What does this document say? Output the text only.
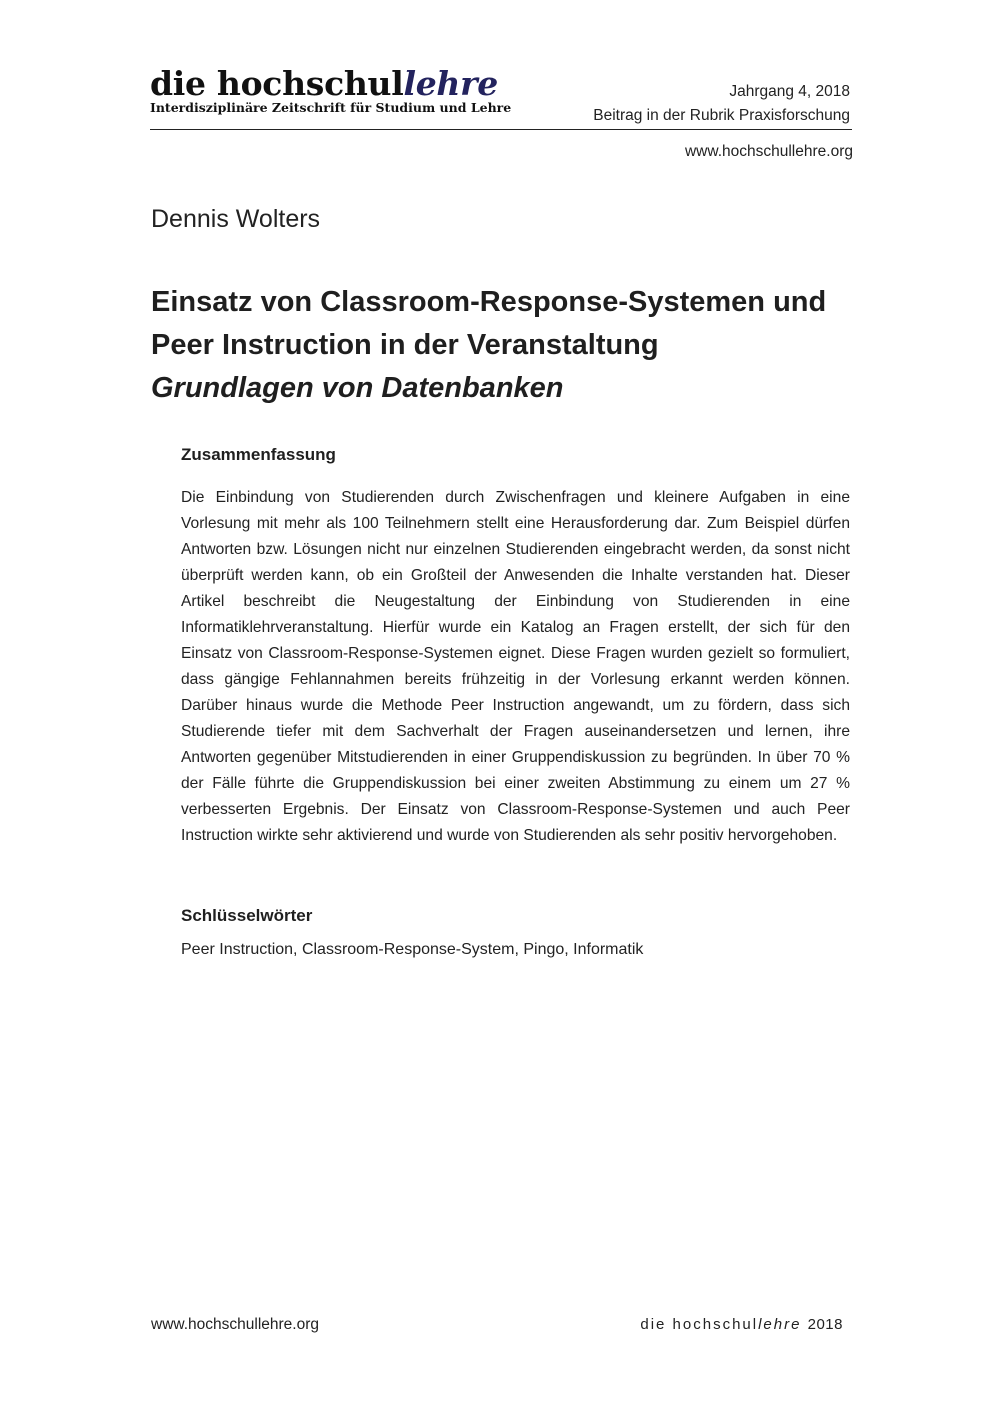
die hochschullehre
Interdisziplinäre Zeitschrift für Studium und Lehre
Jahrgang 4, 2018
Beitrag in der Rubrik Praxisforschung
www.hochschullehre.org
Dennis Wolters
Einsatz von Classroom-Response-Systemen und
Peer Instruction in der Veranstaltung
Grundlagen von Datenbanken
Zusammenfassung
Die Einbindung von Studierenden durch Zwischenfragen und kleinere Aufgaben in eine Vorlesung mit mehr als 100 Teilnehmern stellt eine Herausforderung dar. Zum Beispiel dürfen Antworten bzw. Lösungen nicht nur einzelnen Studierenden eingebracht werden, da sonst nicht überprüft werden kann, ob ein Großteil der Anwesenden die Inhalte verstanden hat. Dieser Artikel beschreibt die Neugestaltung der Einbindung von Studierenden in eine Informatiklehrveranstaltung. Hierfür wurde ein Katalog an Fragen erstellt, der sich für den Einsatz von Classroom-Response-Systemen eignet. Diese Fragen wurden gezielt so formuliert, dass gängige Fehlannahmen bereits frühzeitig in der Vorlesung erkannt werden können. Darüber hinaus wurde die Methode Peer Instruction angewandt, um zu fördern, dass sich Studierende tiefer mit dem Sachverhalt der Fragen auseinandersetzen und lernen, ihre Antworten gegenüber Mitstudierenden in einer Gruppendiskussion zu begründen. In über 70 % der Fälle führte die Gruppendiskussion bei einer zweiten Abstimmung zu einem um 27 % verbesserten Ergebnis. Der Einsatz von Classroom-Response-Systemen und auch Peer Instruction wirkte sehr aktivierend und wurde von Studierenden als sehr positiv hervorgehoben.
Schlüsselwörter
Peer Instruction, Classroom-Response-System, Pingo, Informatik
www.hochschullehre.org	die hochschullehre 2018
